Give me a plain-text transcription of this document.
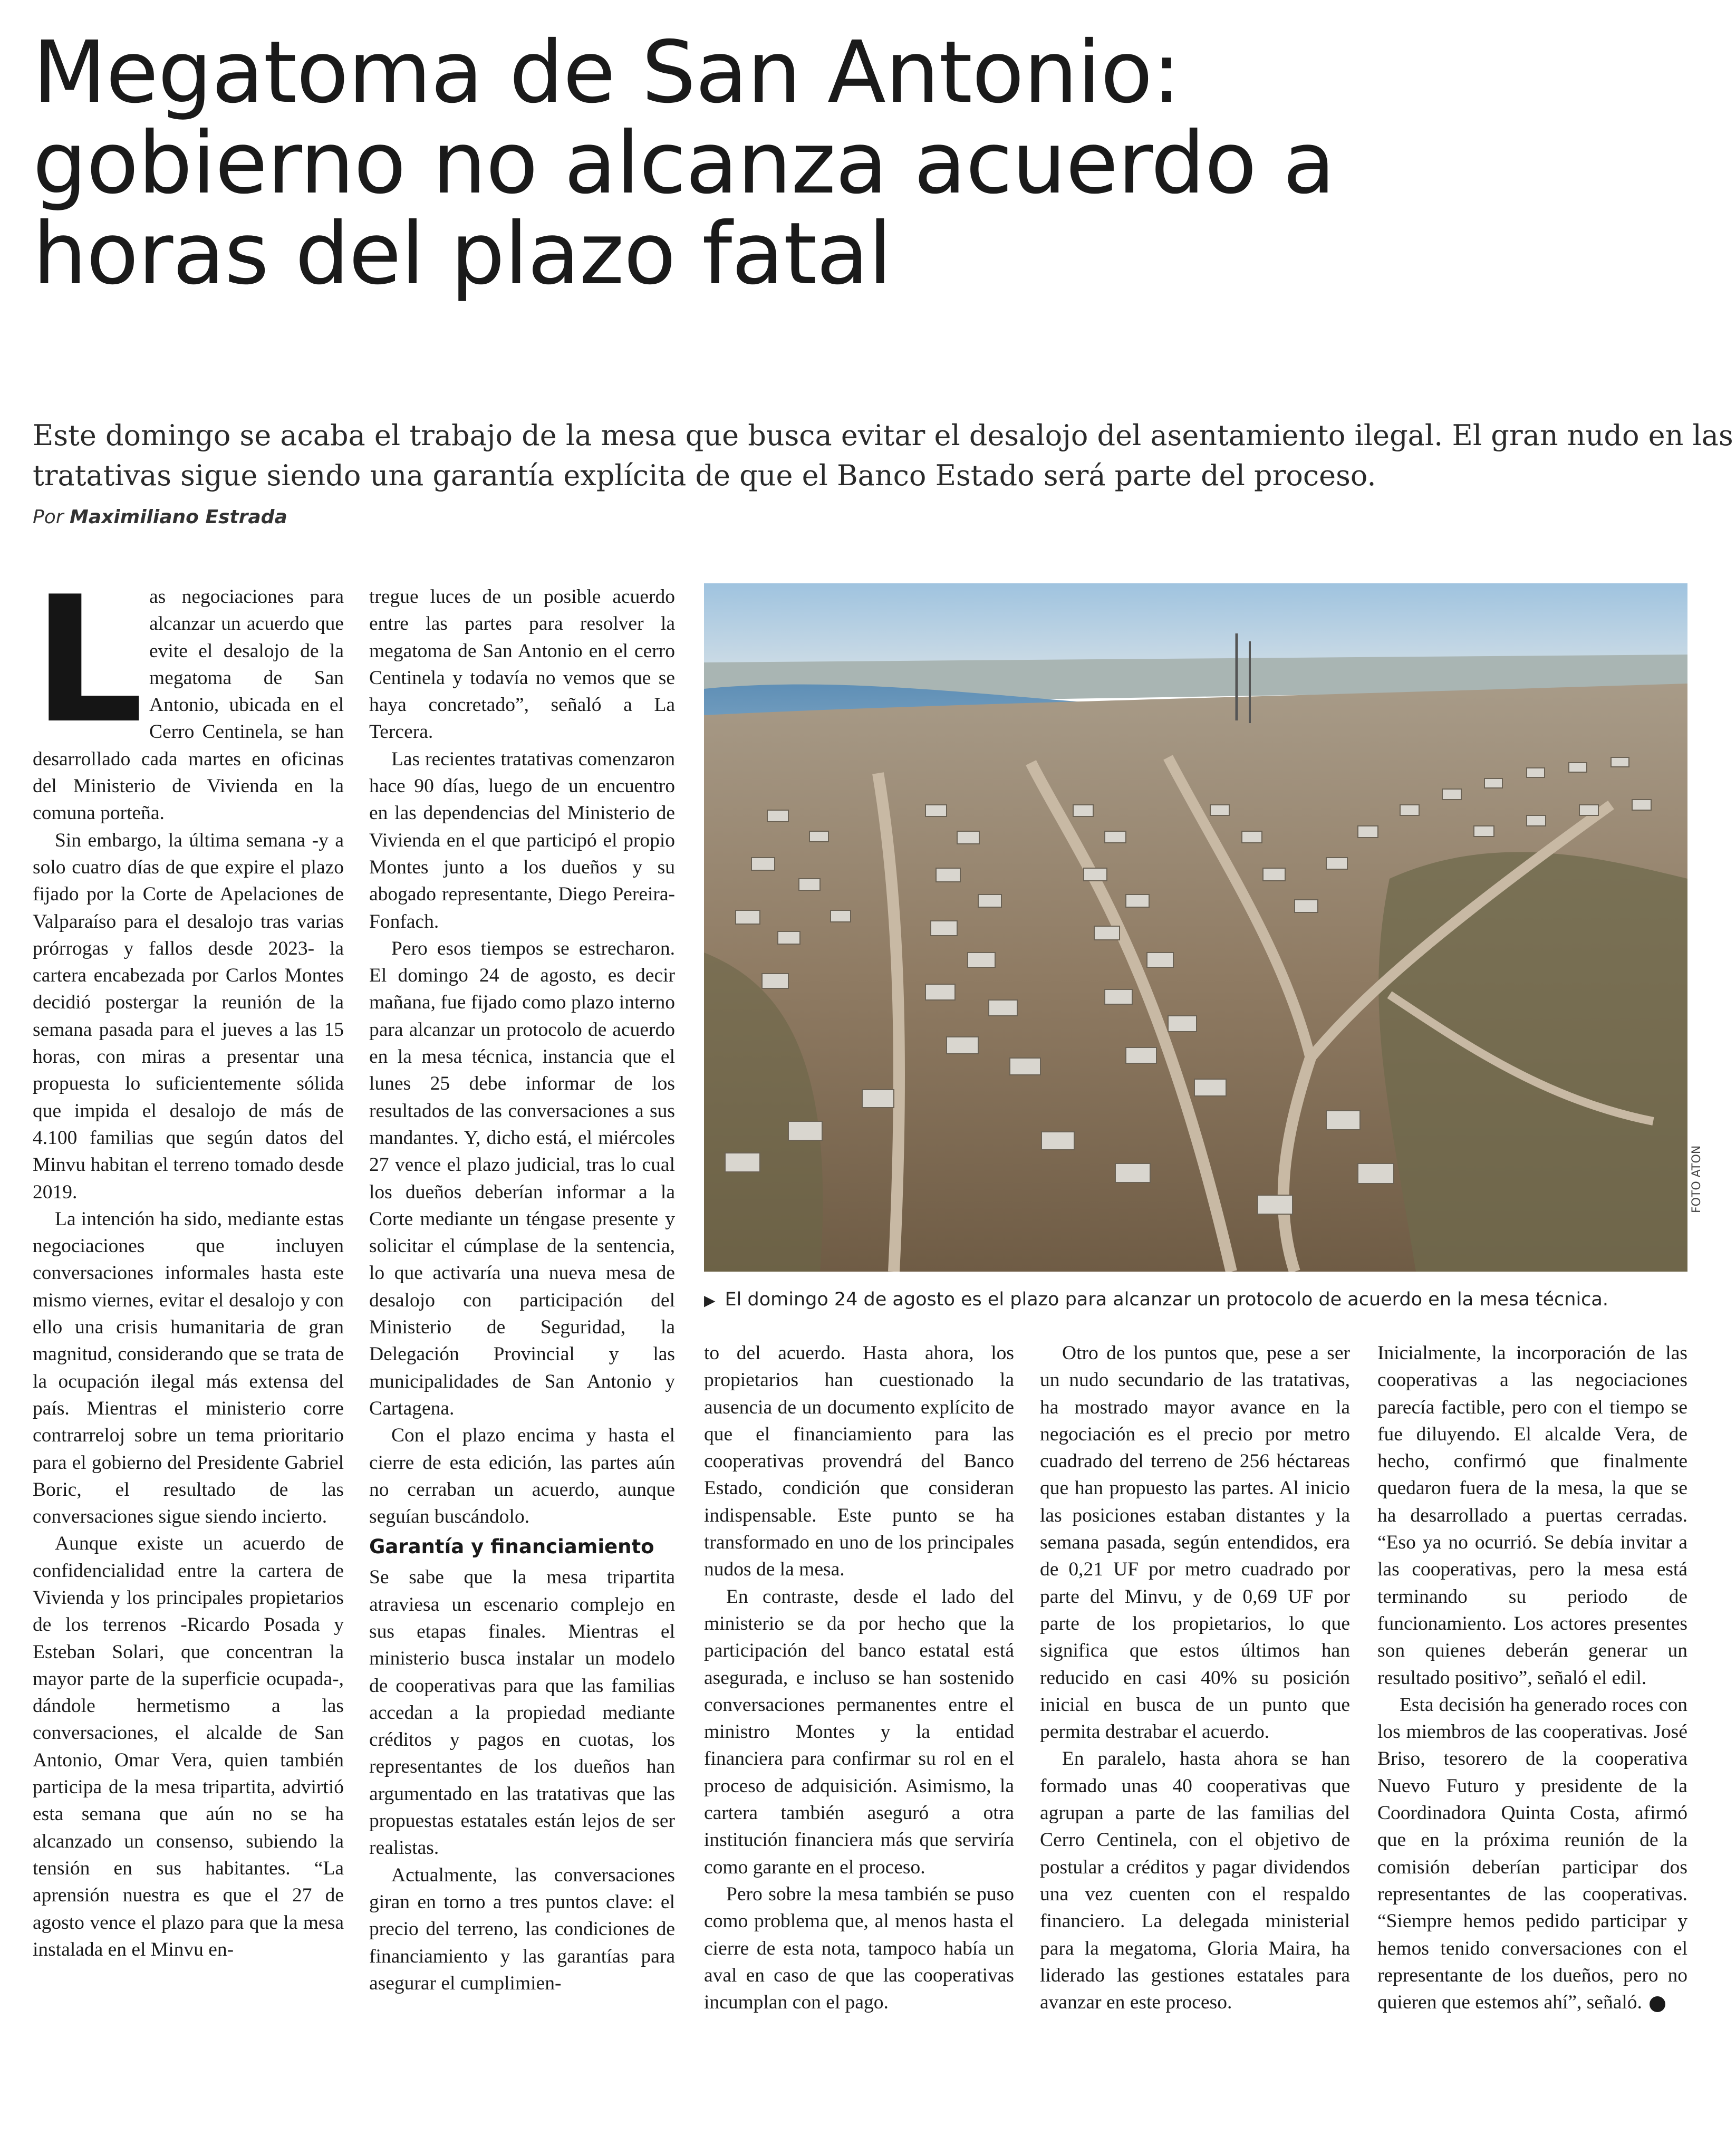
Megatoma de San Antonio:
gobierno no alcanza acuerdo a
horas del plazo fatal

Este domingo se acaba el trabajo de la mesa que busca evitar el desalojo del asentamiento ilegal. El gran nudo en las
tratativas sigue siendo una garantía explícita de que el Banco Estado será parte del proceso.

Por Maximiliano Estrada

L as negociaciones para alcanzar un acuerdo que evite el desalojo de la megatoma de San Antonio, ubicada en el Cerro Centinela, se han desarrollado cada martes en oficinas del Ministerio de Vivienda en la comuna porteña.

Sin embargo, la última semana -y a solo cuatro días de que expire el plazo fijado por la Corte de Apelaciones de Valparaíso para el desalojo tras varias prórrogas y fallos desde 2023- la cartera encabezada por Carlos Montes decidió postergar la reunión de la semana pasada para el jueves a las 15 horas, con miras a presentar una propuesta lo suficientemente sólida que impida el desalojo de más de 4.100 familias que según datos del Minvu habitan el terreno tomado desde 2019.

La intención ha sido, mediante estas negociaciones que incluyen conversaciones informales hasta este mismo viernes, evitar el desalojo y con ello una crisis humanitaria de gran magnitud, considerando que se trata de la ocupación ilegal más extensa del país. Mientras el ministerio corre contrarreloj sobre un tema prioritario para el gobierno del Presidente Gabriel Boric, el resultado de las conversaciones sigue siendo incierto.

Aunque existe un acuerdo de confidencialidad entre la cartera de Vivienda y los principales propietarios de los terrenos -Ricardo Posada y Esteban Solari, que concentran la mayor parte de la superficie ocupada-, dándole hermetismo a las conversaciones, el alcalde de San Antonio, Omar Vera, quien también participa de la mesa tripartita, advirtió esta semana que aún no se ha alcanzado un consenso, subiendo la tensión en sus habitantes. “La aprensión nuestra es que el 27 de agosto vence el plazo para que la mesa instalada en el Minvu en-

tregue luces de un posible acuerdo entre las partes para resolver la megatoma de San Antonio en el cerro Centinela y todavía no vemos que se haya concretado”, señaló a La Tercera.

Las recientes tratativas comenzaron hace 90 días, luego de un encuentro en las dependencias del Ministerio de Vivienda en el que participó el propio Montes junto a los dueños y su abogado representante, Diego Pereira-Fonfach.

Pero esos tiempos se estrecharon. El domingo 24 de agosto, es decir mañana, fue fijado como plazo interno para alcanzar un protocolo de acuerdo en la mesa técnica, instancia que el lunes 25 debe informar de los resultados de las conversaciones a sus mandantes. Y, dicho está, el miércoles 27 vence el plazo judicial, tras lo cual los dueños deberían informar a la Corte mediante un téngase presente y solicitar el cúmplase de la sentencia, lo que activaría una nueva mesa de desalojo con participación del Ministerio de Seguridad, la Delegación Provincial y las municipalidades de San Antonio y Cartagena.

Con el plazo encima y hasta el cierre de esta edición, las partes aún no cerraban un acuerdo, aunque seguían buscándolo.

Garantía y financiamiento

Se sabe que la mesa tripartita atraviesa un escenario complejo en sus etapas finales. Mientras el ministerio busca instalar un modelo de cooperativas para que las familias accedan a la propiedad mediante créditos y pagos en cuotas, los representantes de los dueños han argumentado en las tratativas que las propuestas estatales están lejos de ser realistas.

Actualmente, las conversaciones giran en torno a tres puntos clave: el precio del terreno, las condiciones de financiamiento y las garantías para asegurar el cumplimien-

FOTO ATON
▶ El domingo 24 de agosto es el plazo para alcanzar un protocolo de acuerdo en la mesa técnica.

to del acuerdo. Hasta ahora, los propietarios han cuestionado la ausencia de un documento explícito de que el financiamiento para las cooperativas provendrá del Banco Estado, condición que consideran indispensable. Este punto se ha transformado en uno de los principales nudos de la mesa.

En contraste, desde el lado del ministerio se da por hecho que la participación del banco estatal está asegurada, e incluso se han sostenido conversaciones permanentes entre el ministro Montes y la entidad financiera para confirmar su rol en el proceso de adquisición. Asimismo, la cartera también aseguró a otra institución financiera más que serviría como garante en el proceso.

Pero sobre la mesa también se puso como problema que, al menos hasta el cierre de esta nota, tampoco había un aval en caso de que las cooperativas incumplan con el pago.

Otro de los puntos que, pese a ser un nudo secundario de las tratativas, ha mostrado mayor avance en la negociación es el precio por metro cuadrado del terreno de 256 héctareas que han propuesto las partes. Al inicio las posiciones estaban distantes y la semana pasada, según entendidos, era de 0,21 UF por metro cuadrado por parte del Minvu, y de 0,69 UF por parte de los propietarios, lo que significa que estos últimos han reducido en casi 40% su posición inicial en busca de un punto que permita destrabar el acuerdo.

En paralelo, hasta ahora se han formado unas 40 cooperativas que agrupan a parte de las familias del Cerro Centinela, con el objetivo de postular a créditos y pagar dividendos una vez cuenten con el respaldo financiero. La delegada ministerial para la megatoma, Gloria Maira, ha liderado las gestiones estatales para avanzar en este proceso.

Inicialmente, la incorporación de las cooperativas a las negociaciones parecía factible, pero con el tiempo se fue diluyendo. El alcalde Vera, de hecho, confirmó que finalmente quedaron fuera de la mesa, la que se ha desarrollado a puertas cerradas. “Eso ya no ocurrió. Se debía invitar a las cooperativas, pero la mesa está terminando su periodo de funcionamiento. Los actores presentes son quienes deberán generar un resultado positivo”, señaló el edil.

Esta decisión ha generado roces con los miembros de las cooperativas. José Briso, tesorero de la cooperativa Nuevo Futuro y presidente de la Coordinadora Quinta Costa, afirmó que en la próxima reunión de la comisión deberían participar dos representantes de las cooperativas. “Siempre hemos pedido participar y hemos tenido conversaciones con el representante de los dueños, pero no quieren que estemos ahí”, señaló.
